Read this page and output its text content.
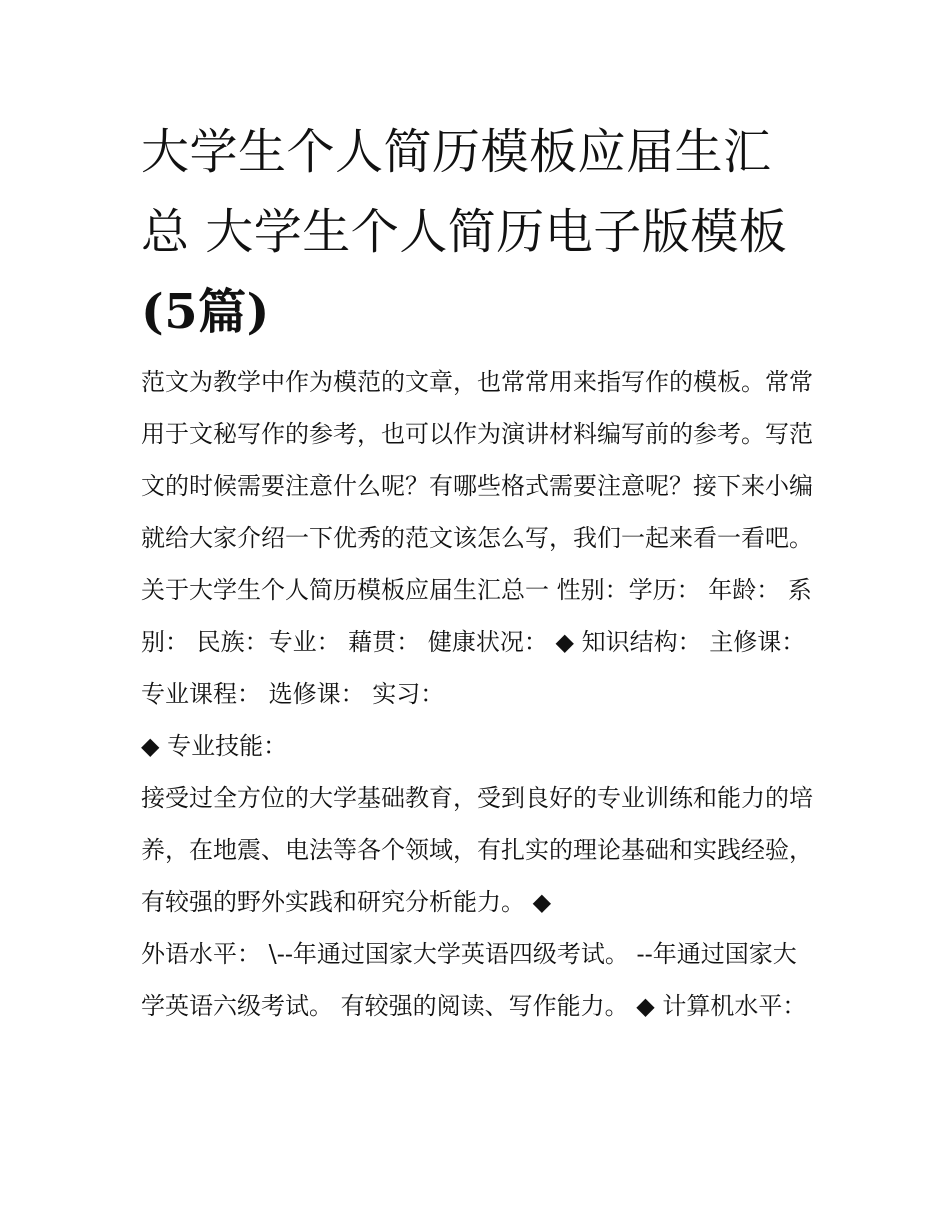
大学生个人简历模板应届生汇
总 大学生个人简历电子版模板
(5篇)

范文为教学中作为模范的文章，也常常用来指写作的模板。常常用于文秘写作的参考，也可以作为演讲材料编写前的参考。写范文的时候需要注意什么呢？有哪些格式需要注意呢？接下来小编就给大家介绍一下优秀的范文该怎么写，我们一起来看一看吧。

关于大学生个人简历模板应届生汇总一 性别：学历： 年龄： 系别： 民族：专业： 藉贯： 健康状况： ◆ 知识结构： 主修课： 专业课程： 选修课： 实习：

◆ 专业技能：

接受过全方位的大学基础教育，受到良好的专业训练和能力的培养，在地震、电法等各个领域，有扎实的理论基础和实践经验，有较强的野外实践和研究分析能力。 ◆

外语水平： \--年通过国家大学英语四级考试。 --年通过国家大学英语六级考试。 有较强的阅读、写作能力。 ◆ 计算机水平：
